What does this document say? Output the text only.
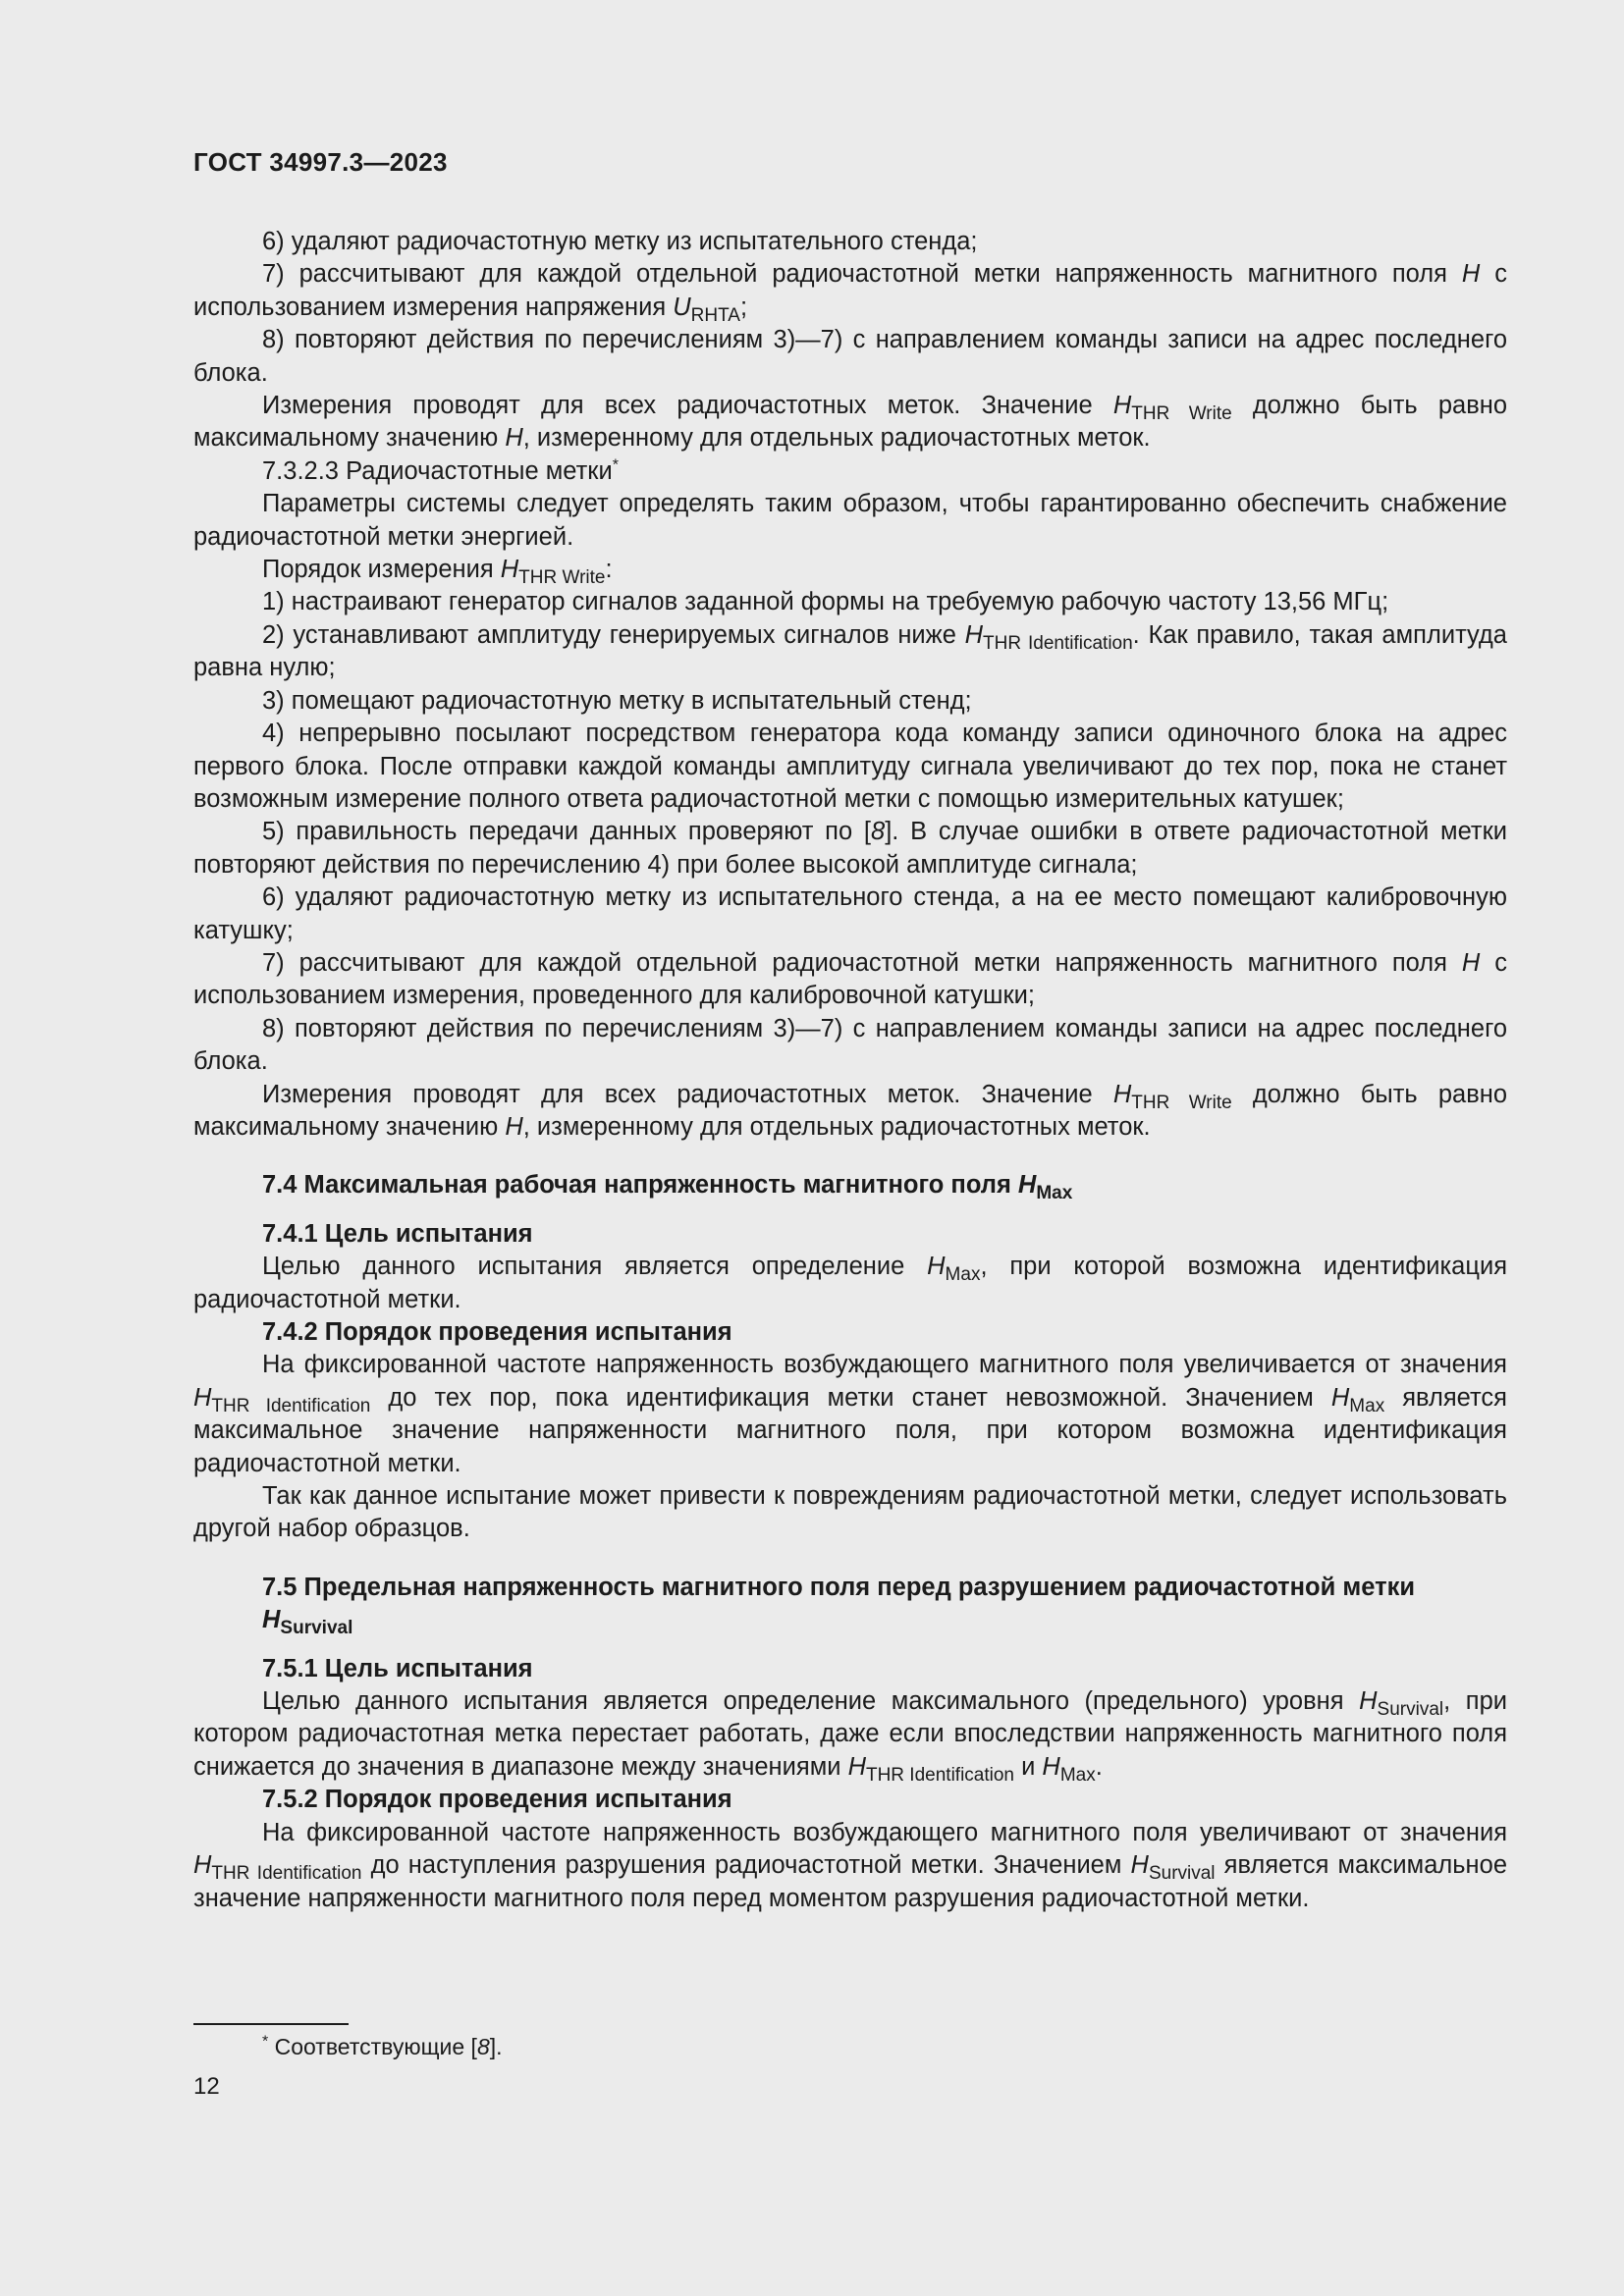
ГОСТ 34997.3—2023

6) удаляют радиочастотную метку из испытательного стенда;

7) рассчитывают для каждой отдельной радиочастотной метки напряженность магнитного поля H с использованием измерения напряжения $U_{RHTA}$;

8) повторяют действия по перечислениям 3)—7) с направлением команды записи на адрес последнего блока.

Измерения проводят для всех радиочастотных меток. Значение $H_{THR Write}$ должно быть равно максимальному значению H, измеренному для отдельных радиочастотных меток.

7.3.2.3 Радиочастотные метки*

Параметры системы следует определять таким образом, чтобы гарантированно обеспечить снабжение радиочастотной метки энергией.

Порядок измерения $H_{THR Write}$:

1) настраивают генератор сигналов заданной формы на требуемую рабочую частоту 13,56 МГц;

2) устанавливают амплитуду генерируемых сигналов ниже $H_{THR Identification}$. Как правило, такая амплитуда равна нулю;

3) помещают радиочастотную метку в испытательный стенд;

4) непрерывно посылают посредством генератора кода команду записи одиночного блока на адрес первого блока. После отправки каждой команды амплитуду сигнала увеличивают до тех пор, пока не станет возможным измерение полного ответа радиочастотной метки с помощью измерительных катушек;

5) правильность передачи данных проверяют по [8]. В случае ошибки в ответе радиочастотной метки повторяют действия по перечислению 4) при более высокой амплитуде сигнала;

6) удаляют радиочастотную метку из испытательного стенда, а на ее место помещают калибровочную катушку;

7) рассчитывают для каждой отдельной радиочастотной метки напряженность магнитного поля H с использованием измерения, проведенного для калибровочной катушки;

8) повторяют действия по перечислениям 3)—7) с направлением команды записи на адрес последнего блока.

Измерения проводят для всех радиочастотных меток. Значение $H_{THR Write}$ должно быть равно максимальному значению H, измеренному для отдельных радиочастотных меток.

7.4 Максимальная рабочая напряженность магнитного поля $H_{Max}$
7.4.1 Цель испытания

Целью данного испытания является определение $H_{Max}$, при которой возможна идентификация радиочастотной метки.

7.4.2 Порядок проведения испытания

На фиксированной частоте напряженность возбуждающего магнитного поля увеличивается от значения $H_{THR Identification}$ до тех пор, пока идентификация метки станет невозможной. Значением $H_{Max}$ является максимальное значение напряженности магнитного поля, при котором возможна идентификация радиочастотной метки.

Так как данное испытание может привести к повреждениям радиочастотной метки, следует использовать другой набор образцов.

7.5 Предельная напряженность магнитного поля перед разрушением радиочастотной метки $H_{Survival}$
7.5.1 Цель испытания

Целью данного испытания является определение максимального (предельного) уровня $H_{Survival}$, при котором радиочастотная метка перестает работать, даже если впоследствии напряженность магнитного поля снижается до значения в диапазоне между значениями $H_{THR Identification}$ и $H_{Max}$.

7.5.2 Порядок проведения испытания

На фиксированной частоте напряженность возбуждающего магнитного поля увеличивают от значения $H_{THR Identification}$ до наступления разрушения радиочастотной метки. Значением $H_{Survival}$ является максимальное значение напряженности магнитного поля перед моментом разрушения радиочастотной метки.

* Соответствующие [8].
12
